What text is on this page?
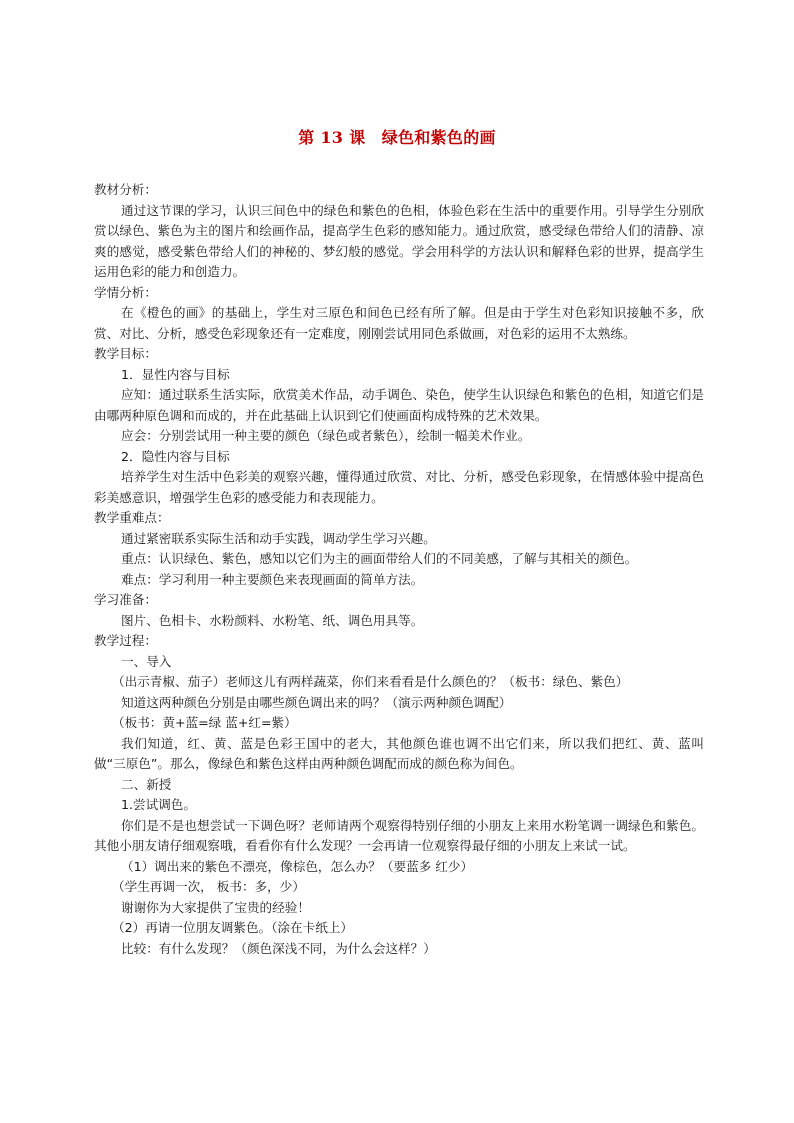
第 13 课　绿色和紫色的画

教材分析：

通过这节课的学习，认识三间色中的绿色和紫色的色相，体验色彩在生活中的重要作用。引导学生分别欣赏以绿色、紫色为主的图片和绘画作品，提高学生色彩的感知能力。通过欣赏，感受绿色带给人们的清静、凉爽的感觉，感受紫色带给人们的神秘的、梦幻般的感觉。学会用科学的方法认识和解释色彩的世界，提高学生运用色彩的能力和创造力。

学情分析：

在《橙色的画》的基础上，学生对三原色和间色已经有所了解。但是由于学生对色彩知识接触不多，欣赏、对比、分析，感受色彩现象还有一定难度，刚刚尝试用同色系做画，对色彩的运用不太熟练。

教学目标：

1．显性内容与目标

应知：通过联系生活实际，欣赏美术作品，动手调色、染色，使学生认识绿色和紫色的色相，知道它们是由哪两种原色调和而成的，并在此基础上认识到它们使画面构成特殊的艺术效果。

应会：分别尝试用一种主要的颜色（绿色或者紫色），绘制一幅美术作业。

2．隐性内容与目标

培养学生对生活中色彩美的观察兴趣，懂得通过欣赏、对比、分析，感受色彩现象，在情感体验中提高色彩美感意识，增强学生色彩的感受能力和表现能力。

教学重难点：

通过紧密联系实际生活和动手实践，调动学生学习兴趣。

重点：认识绿色、紫色，感知以它们为主的画面带给人们的不同美感，了解与其相关的颜色。

难点：学习利用一种主要颜色来表现画面的简单方法。

学习准备：

图片、色相卡、水粉颜料、水粉笔、纸、调色用具等。

教学过程：

一、导入

（出示青椒、茄子）老师这儿有两样蔬菜，你们来看看是什么颜色的？（板书：绿色、紫色）

知道这两种颜色分别是由哪些颜色调出来的吗？（演示两种颜色调配）

（板书：黄+蓝=绿 蓝+红=紫）

我们知道，红、黄、蓝是色彩王国中的老大，其他颜色谁也调不出它们来，所以我们把红、黄、蓝叫做“三原色”。那么，像绿色和紫色这样由两种颜色调配而成的颜色称为间色。

二、新授

1.尝试调色。

你们是不是也想尝试一下调色呀？老师请两个观察得特别仔细的小朋友上来用水粉笔调一调绿色和紫色。其他小朋友请仔细观察哦，看看你有什么发现？一会再请一位观察得最仔细的小朋友上来试一试。

（1）调出来的紫色不漂亮，像棕色，怎么办？（要蓝多 红少）

（学生再调一次， 板书：多，少）

谢谢你为大家提供了宝贵的经验！

（2）再请一位朋友调紫色。（涂在卡纸上）

比较：有什么发现？（颜色深浅不同，为什么会这样？）
